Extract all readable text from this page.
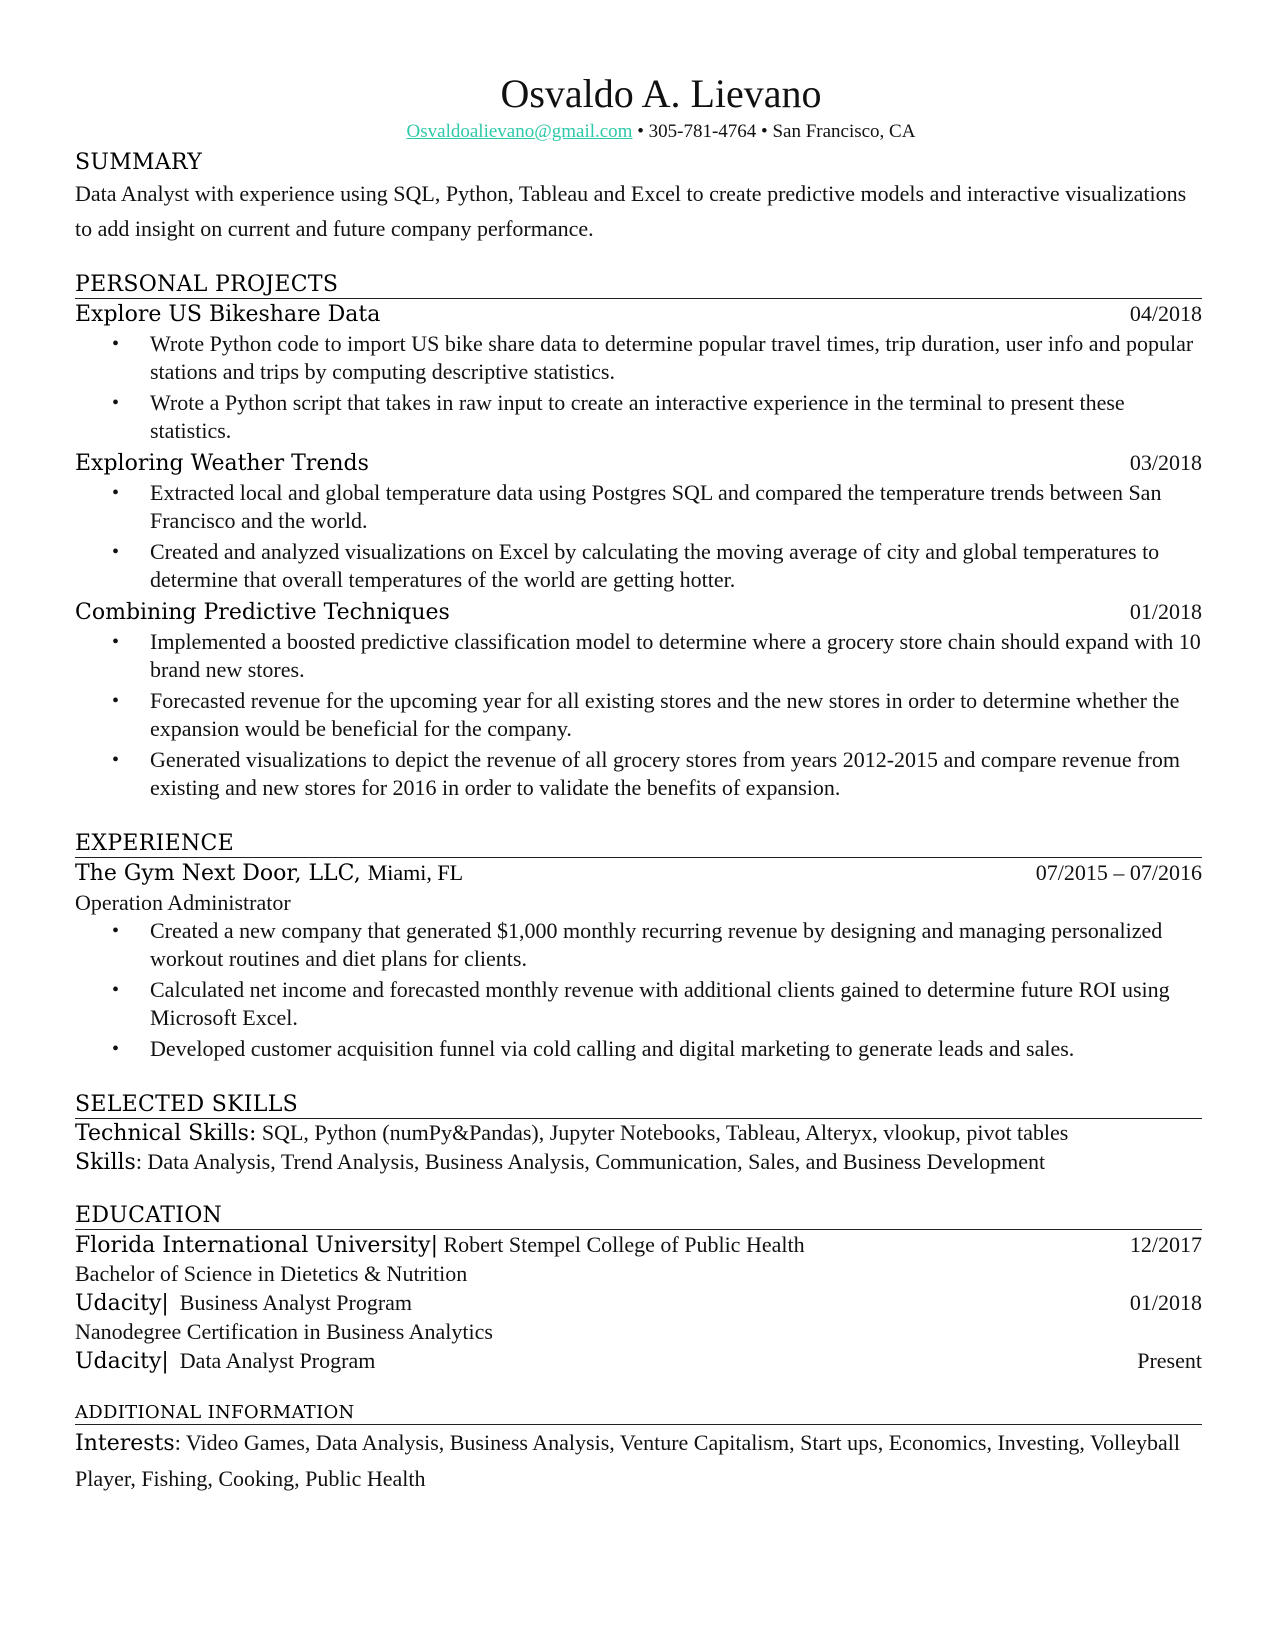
Osvaldo A. Lievano
Osvaldoalievano@gmail.com • 305-781-4764 • San Francisco, CA
SUMMARY
Data Analyst with experience using SQL, Python, Tableau and Excel to create predictive models and interactive visualizations to add insight on current and future company performance.
PERSONAL PROJECTS
Explore US Bikeshare Data	04/2018
• Wrote Python code to import US bike share data to determine popular travel times, trip duration, user info and popular stations and trips by computing descriptive statistics.
• Wrote a Python script that takes in raw input to create an interactive experience in the terminal to present these statistics.
Exploring Weather Trends	03/2018
• Extracted local and global temperature data using Postgres SQL and compared the temperature trends between San Francisco and the world.
• Created and analyzed visualizations on Excel by calculating the moving average of city and global temperatures to determine that overall temperatures of the world are getting hotter.
Combining Predictive Techniques	01/2018
• Implemented a boosted predictive classification model to determine where a grocery store chain should expand with 10 brand new stores.
• Forecasted revenue for the upcoming year for all existing stores and the new stores in order to determine whether the expansion would be beneficial for the company.
• Generated visualizations to depict the revenue of all grocery stores from years 2012-2015 and compare revenue from existing and new stores for 2016 in order to validate the benefits of expansion.
EXPERIENCE
The Gym Next Door, LLC, Miami, FL	07/2015 – 07/2016
Operation Administrator
• Created a new company that generated $1,000 monthly recurring revenue by designing and managing personalized workout routines and diet plans for clients.
• Calculated net income and forecasted monthly revenue with additional clients gained to determine future ROI using Microsoft Excel.
• Developed customer acquisition funnel via cold calling and digital marketing to generate leads and sales.
SELECTED SKILLS
Technical Skills: SQL, Python (numPy&Pandas), Jupyter Notebooks, Tableau, Alteryx, vlookup, pivot tables
Skills: Data Analysis, Trend Analysis, Business Analysis, Communication, Sales, and Business Development
EDUCATION
Florida International University| Robert Stempel College of Public Health	12/2017
Bachelor of Science in Dietetics & Nutrition
Udacity| Business Analyst Program	01/2018
Nanodegree Certification in Business Analytics
Udacity| Data Analyst Program	Present
ADDITIONAL INFORMATION
Interests: Video Games, Data Analysis, Business Analysis, Venture Capitalism, Start ups, Economics, Investing, Volleyball Player, Fishing, Cooking, Public Health
